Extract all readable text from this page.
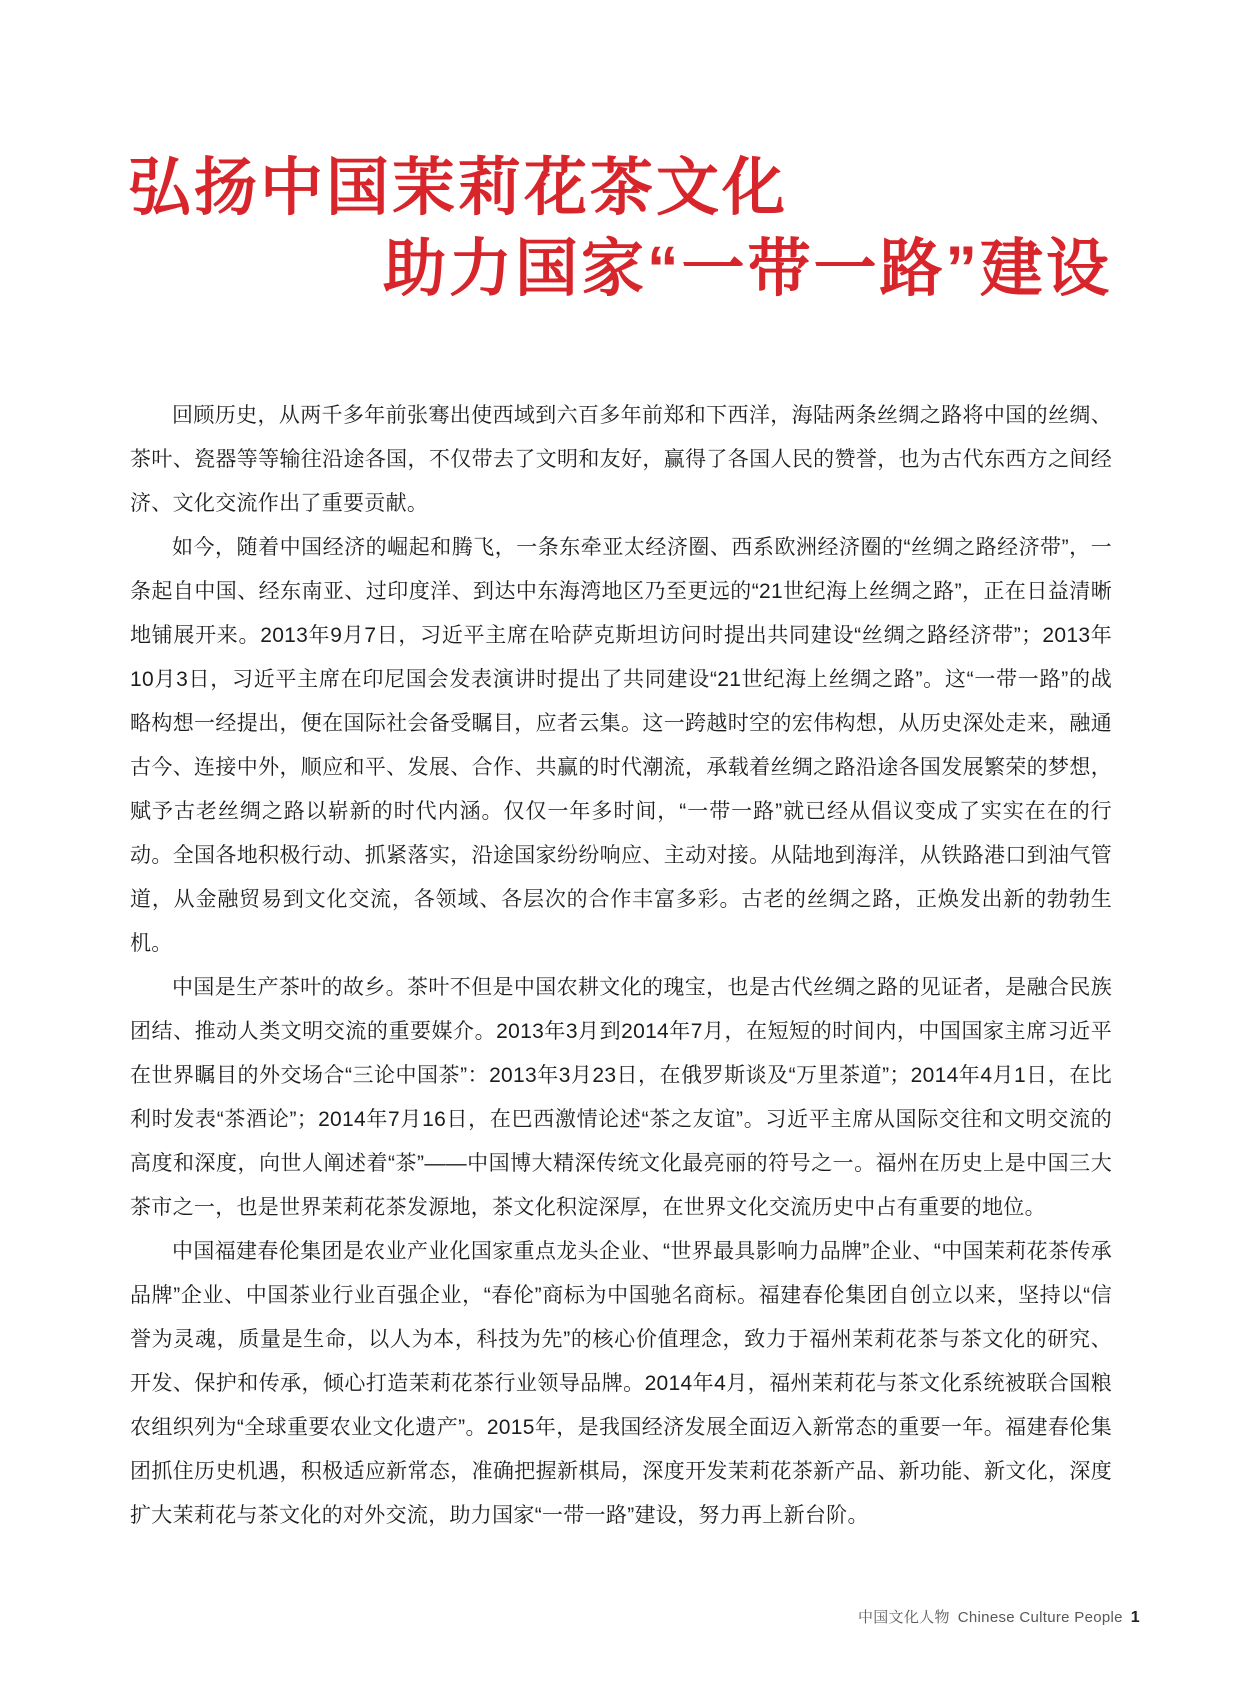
弘扬中国茉莉花茶文化
助力国家“一带一路”建设

回顾历史，从两千多年前张骞出使西域到六百多年前郑和下西洋，海陆两条丝绸之路将中国的丝绸、茶叶、瓷器等等输往沿途各国，不仅带去了文明和友好，赢得了各国人民的赞誉，也为古代东西方之间经济、文化交流作出了重要贡献。

如今，随着中国经济的崛起和腾飞，一条东牵亚太经济圈、西系欧洲经济圈的“丝绸之路经济带”，一条起自中国、经东南亚、过印度洋、到达中东海湾地区乃至更远的“21世纪海上丝绸之路”，正在日益清晰地铺展开来。2013年9月7日，习近平主席在哈萨克斯坦访问时提出共同建设“丝绸之路经济带”；2013年10月3日，习近平主席在印尼国会发表演讲时提出了共同建设“21世纪海上丝绸之路”。这“一带一路”的战略构想一经提出，便在国际社会备受瞩目，应者云集。这一跨越时空的宏伟构想，从历史深处走来，融通古今、连接中外，顺应和平、发展、合作、共赢的时代潮流，承载着丝绸之路沿途各国发展繁荣的梦想，赋予古老丝绸之路以崭新的时代内涵。仅仅一年多时间，“一带一路”就已经从倡议变成了实实在在的行动。全国各地积极行动、抓紧落实，沿途国家纷纷响应、主动对接。从陆地到海洋，从铁路港口到油气管道，从金融贸易到文化交流，各领域、各层次的合作丰富多彩。古老的丝绸之路，正焕发出新的勃勃生机。

中国是生产茶叶的故乡。茶叶不但是中国农耕文化的瑰宝，也是古代丝绸之路的见证者，是融合民族团结、推动人类文明交流的重要媒介。2013年3月到2014年7月，在短短的时间内，中国国家主席习近平在世界瞩目的外交场合“三论中国茶”：2013年3月23日，在俄罗斯谈及“万里茶道”；2014年4月1日，在比利时发表“茶酒论”；2014年7月16日，在巴西激情论述“茶之友谊”。习近平主席从国际交往和文明交流的高度和深度，向世人阐述着“茶”——中国博大精深传统文化最亮丽的符号之一。福州在历史上是中国三大茶市之一，也是世界茉莉花茶发源地，茶文化积淀深厚，在世界文化交流历史中占有重要的地位。

中国福建春伦集团是农业产业化国家重点龙头企业、“世界最具影响力品牌”企业、“中国茉莉花茶传承品牌”企业、中国茶业行业百强企业，“春伦”商标为中国驰名商标。福建春伦集团自创立以来，坚持以“信誉为灵魂，质量是生命，以人为本，科技为先”的核心价值理念，致力于福州茉莉花茶与茶文化的研究、开发、保护和传承，倾心打造茉莉花茶行业领导品牌。2014年4月，福州茉莉花与茶文化系统被联合国粮农组织列为“全球重要农业文化遗产”。2015年，是我国经济发展全面迈入新常态的重要一年。福建春伦集团抓住历史机遇，积极适应新常态，准确把握新棋局，深度开发茉莉花茶新产品、新功能、新文化，深度扩大茉莉花与茶文化的对外交流，助力国家“一带一路”建设，努力再上新台阶。

中国文化人物 Chinese Culture People 1
